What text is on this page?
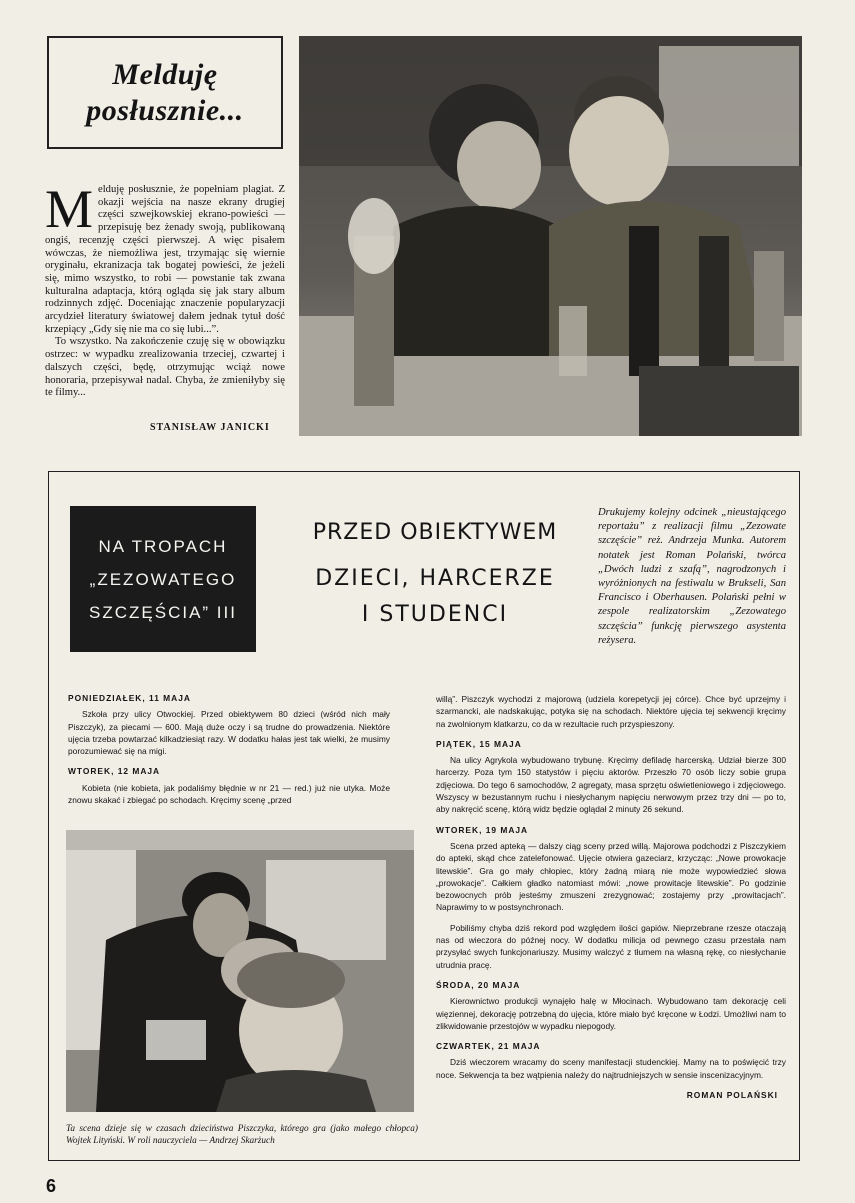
Melduję
posłusznie...
M elduję posłusznie, że popełniam plagiat. Z okazji wejścia na nasze ekrany drugiej części szwejkowskiej ekrano-powieści — przepisuję bez żenady swoją, publikowaną ongiś, recenzję części pierwszej. A więc pisałem wówczas, że niemożliwa jest, trzymając się wiernie oryginału, ekranizacja tak bogatej powieści, że jeżeli się, mimo wszystko, to robi — powstanie tak zwana kulturalna adaptacja, którą ogląda się jak stary album rodzinnych zdjęć. Doceniając znaczenie popularyzacji arcydzieł literatury światowej dałem jednak tytuł dość krzepiący „Gdy się nie ma co się lubi...”.

To wszystko. Na zakończenie czuję się w obowiązku ostrzec: w wypadku zrealizowania trzeciej, czwartej i dalszych części, będę, otrzymując wciąż nowe honoraria, przepisywał nadal. Chyba, że zmieniłyby się te filmy...

STANISŁAW JANICKI
NA TROPACH
„ZEZOWATEGO
SZCZĘŚCIA” III
PRZED OBIEKTYWEM
DZIECI, HARCERZE
I STUDENCI
Drukujemy kolejny odcinek „nieustającego reportażu” z realizacji filmu „Zezowate szczęście” reż. Andrzeja Munka. Autorem notatek jest Roman Polański, twórca „Dwóch ludzi z szafą”, nagrodzonych i wyróżnionych na festiwalu w Brukseli, San Francisco i Oberhausen. Polański pełni w zespole realizatorskim „Zezowatego szczęścia” funkcję pierwszego asystenta reżysera.
PONIEDZIAŁEK, 11 MAJA

Szkoła przy ulicy Otwockiej. Przed obiektywem 80 dzieci (wśród nich mały Piszczyk), za piecami — 600. Mają duże oczy i są trudne do prowadzenia. Niektóre ujęcia trzeba powtarzać kilkadziesiąt razy. W dodatku hałas jest tak wielki, że musimy porozumiewać się na migi.

WTOREK, 12 MAJA

Kobieta (nie kobieta, jak podaliśmy błędnie w nr 21 — red.) już nie utyka. Może znowu skakać i zbiegać po schodach. Kręcimy scenę „przed

willą”. Piszczyk wychodzi z majorową (udziela korepetycji jej córce). Chce być uprzejmy i szarmancki, ale nadskakując, potyka się na schodach. Niektóre ujęcia tej sekwencji kręcimy na zwolnionym klatkarzu, co da w rezultacie ruch przyspieszony.

PIĄTEK, 15 MAJA

Na ulicy Agrykola wybudowano trybunę. Kręcimy defiladę harcerską. Udział bierze 300 harcerzy. Poza tym 150 statystów i pięciu aktorów. Przeszło 70 osób liczy sobie grupa zdjęciowa. Do tego 6 samochodów, 2 agregaty, masa sprzętu oświetleniowego i zdjęciowego. Wszyscy w bezustannym ruchu i niesłychanym napięciu nerwowym przez trzy dni — po to, aby nakręcić scenę, którą widz będzie oglądał 2 minuty 26 sekund.

WTOREK, 19 MAJA

Scena przed apteką — dalszy ciąg sceny przed willą. Majorowa podchodzi z Piszczykiem do apteki, skąd chce zatelefonować. Ujęcie otwiera gazeciarz, krzycząc: „Nowe prowokacje litewskie”. Gra go mały chłopiec, który żadną miarą nie może wypowiedzieć słowa „prowokacje”. Całkiem gładko natomiast mówi: „nowe prowitacje litewskie”. Po godzinie bezowocnych prób jesteśmy zmuszeni zrezygnować; zostajemy przy „prowitacjach”. Naprawimy to w postsynchronach.

Pobiliśmy chyba dziś rekord pod względem ilości gapiów. Nieprzebrane rzesze otaczają nas od wieczora do późnej nocy. W dodatku milicja od pewnego czasu przestała nam przysyłać swych funkcjonariuszy. Musimy walczyć z tłumem na własną rękę, co niesłychanie utrudnia pracę.

ŚRODA, 20 MAJA

Kierownictwo produkcji wynajęło halę w Młocinach. Wybudowano tam dekorację celi więziennej, dekorację potrzebną do ujęcia, które miało być kręcone w Łodzi. Umożliwi nam to zlikwidowanie przestojów w wypadku niepogody.

CZWARTEK, 21 MAJA

Dziś wieczorem wracamy do sceny manifestacji studenckiej. Mamy na to poświęcić trzy noce. Sekwencja ta bez wątpienia należy do najtrudniejszych w sensie inscenizacyjnym.

ROMAN POLAŃSKI

Ta scena dzieje się w czasach dzieciństwa Piszczyka, którego gra (jako małego chłopca) Wojtek Lityński. W roli nauczyciela — Andrzej Skarżuch
6
